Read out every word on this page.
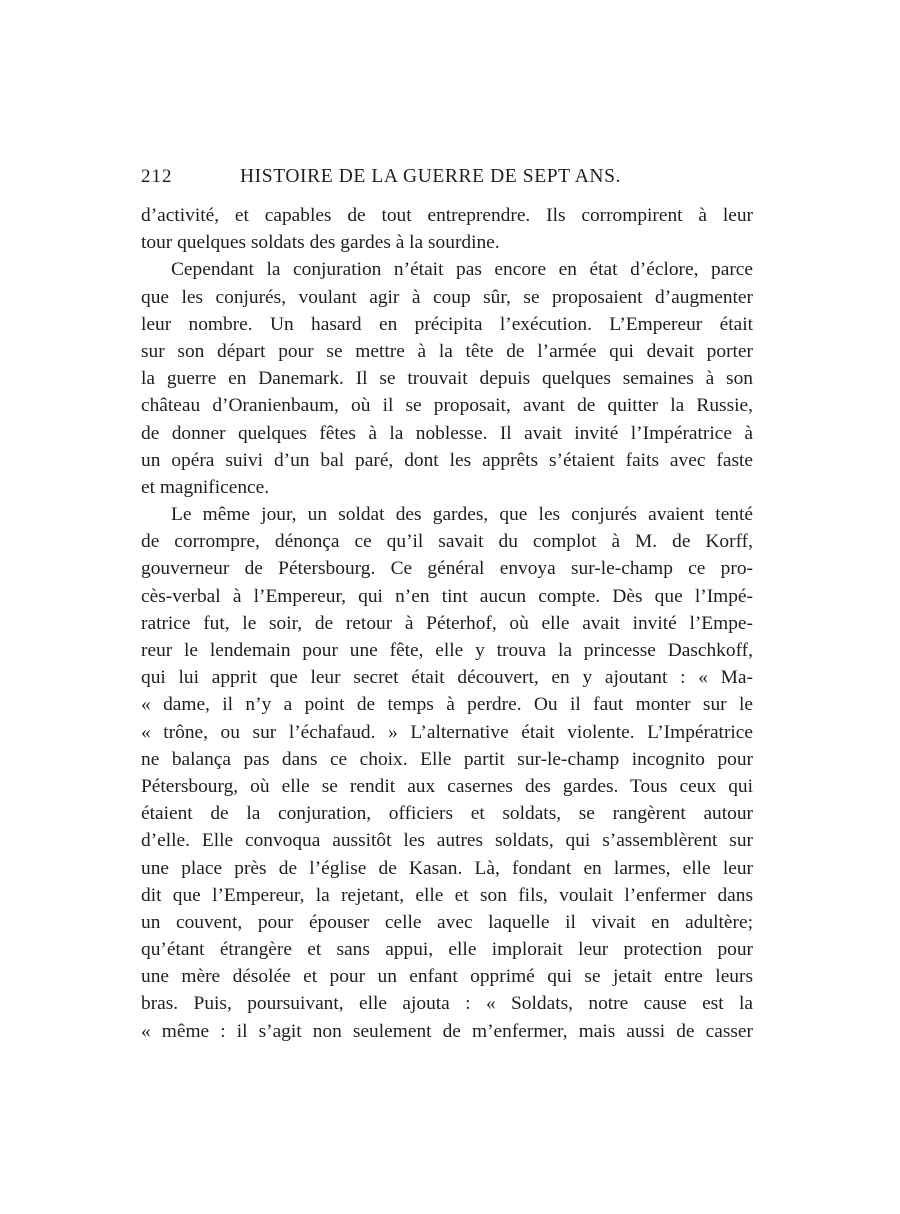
212	HISTOIRE DE LA GUERRE DE SEPT ANS.
d’activité, et capables de tout entreprendre. Ils corrompirent à leur
tour quelques soldats des gardes à la sourdine.
Cependant la conjuration n’était pas encore en état d’éclore, parce
que les conjurés, voulant agir à coup sûr, se proposaient d’augmenter
leur nombre. Un hasard en précipita l’exécution. L’Empereur était
sur son départ pour se mettre à la tête de l’armée qui devait porter
la guerre en Danemark. Il se trouvait depuis quelques semaines à son
château d’Oranienbaum, où il se proposait, avant de quitter la Russie,
de donner quelques fêtes à la noblesse. Il avait invité l’Impératrice à
un opéra suivi d’un bal paré, dont les apprêts s’étaient faits avec faste
et magnificence.
Le même jour, un soldat des gardes, que les conjurés avaient tenté
de corrompre, dénonça ce qu’il savait du complot à M. de Korff,
gouverneur de Pétersbourg. Ce général envoya sur-le-champ ce pro-
cès-verbal à l’Empereur, qui n’en tint aucun compte. Dès que l’Impé-
ratrice fut, le soir, de retour à Péterhof, où elle avait invité l’Empe-
reur le lendemain pour une fête, elle y trouva la princesse Daschkoff,
qui lui apprit que leur secret était découvert, en y ajoutant : « Ma-
« dame, il n’y a point de temps à perdre. Ou il faut monter sur le
« trône, ou sur l’échafaud. » L’alternative était violente. L’Impératrice
ne balança pas dans ce choix. Elle partit sur-le-champ incognito pour
Pétersbourg, où elle se rendit aux casernes des gardes. Tous ceux qui
étaient de la conjuration, officiers et soldats, se rangèrent autour
d’elle. Elle convoqua aussitôt les autres soldats, qui s’assemblèrent sur
une place près de l’église de Kasan. Là, fondant en larmes, elle leur
dit que l’Empereur, la rejetant, elle et son fils, voulait l’enfermer dans
un couvent, pour épouser celle avec laquelle il vivait en adultère;
qu’étant étrangère et sans appui, elle implorait leur protection pour
une mère désolée et pour un enfant opprimé qui se jetait entre leurs
bras. Puis, poursuivant, elle ajouta : « Soldats, notre cause est la
« même : il s’agit non seulement de m’enfermer, mais aussi de casser
